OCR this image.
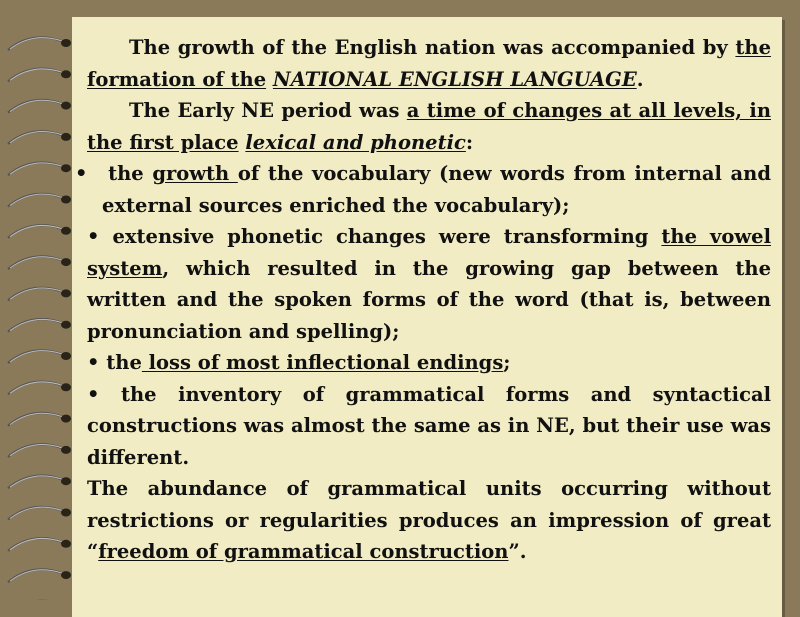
The growth of the English nation was accompanied by the formation of the NATIONAL ENGLISH LANGUAGE.

The Early NE period was a time of changes at all levels, in the first place lexical and phonetic:

• the growth of the vocabulary (new words from internal and external sources enriched the vocabulary);

• extensive phonetic changes were transforming the vowel system, which resulted in the growing gap between the written and the spoken forms of the word (that is, between pronunciation and spelling);

• the loss of most inflectional endings;

• the inventory of grammatical forms and syntactical constructions was almost the same as in NE, but their use was different.

The abundance of grammatical units occurring without restrictions or regularities produces an impression of great “freedom of grammatical construction”.
